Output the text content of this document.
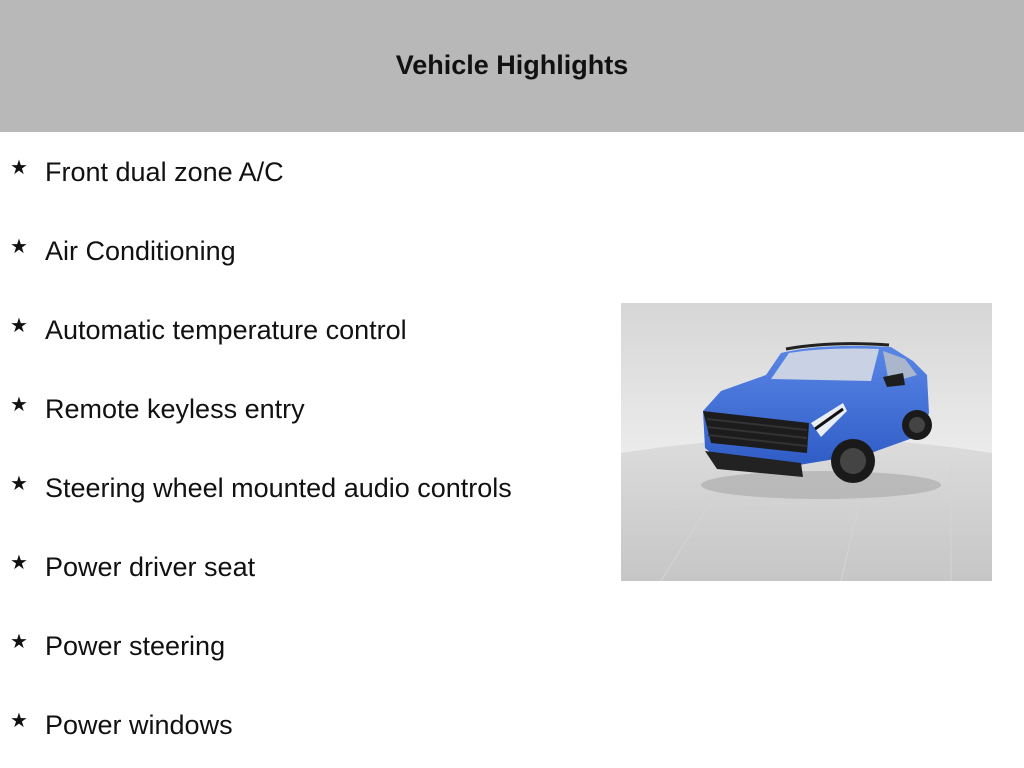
Vehicle Highlights
★ Front dual zone A/C
★ Air Conditioning
★ Automatic temperature control
★ Remote keyless entry
★ Steering wheel mounted audio controls
★ Power driver seat
★ Power steering
★ Power windows
